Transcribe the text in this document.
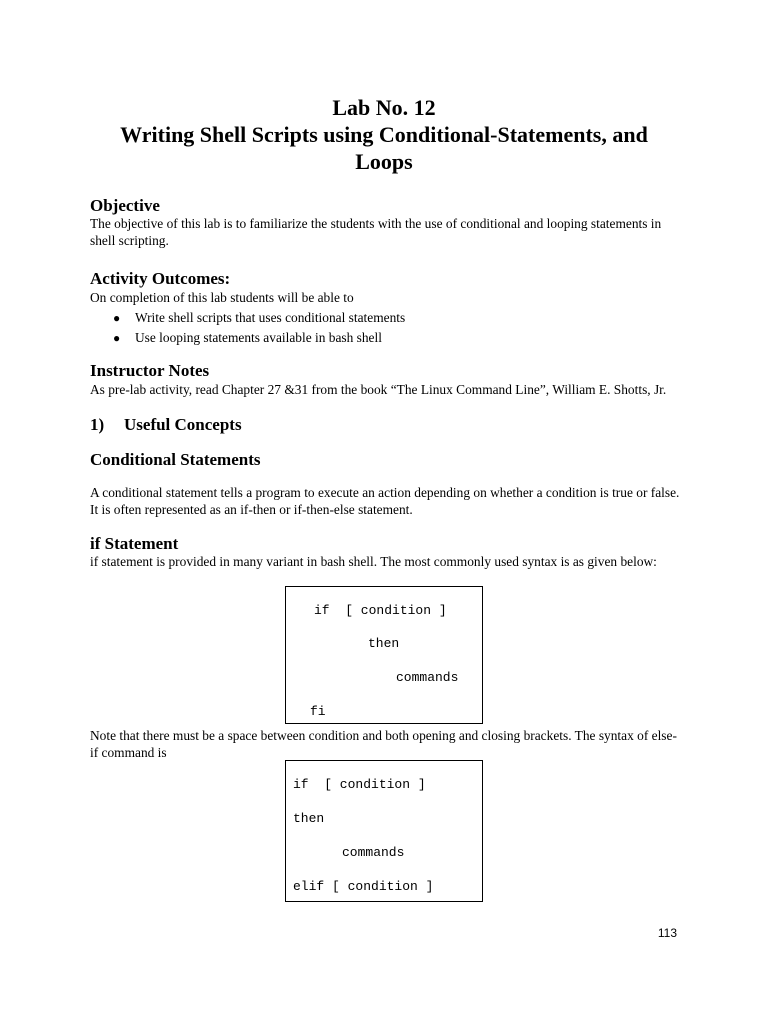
Lab No. 12
Writing Shell Scripts using Conditional-Statements, and
Loops
Objective
The objective of this lab is to familiarize the students with the use of conditional and looping statements in shell scripting.
Activity Outcomes:
On completion of this lab students will be able to
● Write shell scripts that uses conditional statements
● Use looping statements available in bash shell
Instructor Notes
As pre-lab activity, read Chapter 27 &31 from the book “The Linux Command Line”, William E. Shotts, Jr.
1) Useful Concepts
Conditional Statements
A conditional statement tells a program to execute an action depending on whether a condition is true or false. It is often represented as an if-then or if-then-else statement.
if Statement
if statement is provided in many variant in bash shell. The most commonly used syntax is as given below:
if  [ condition ]
then
commands
fi
Note that there must be a space between condition and both opening and closing brackets. The syntax of else-if command is
if  [ condition ]
then
commands
elif [ condition ]
113
